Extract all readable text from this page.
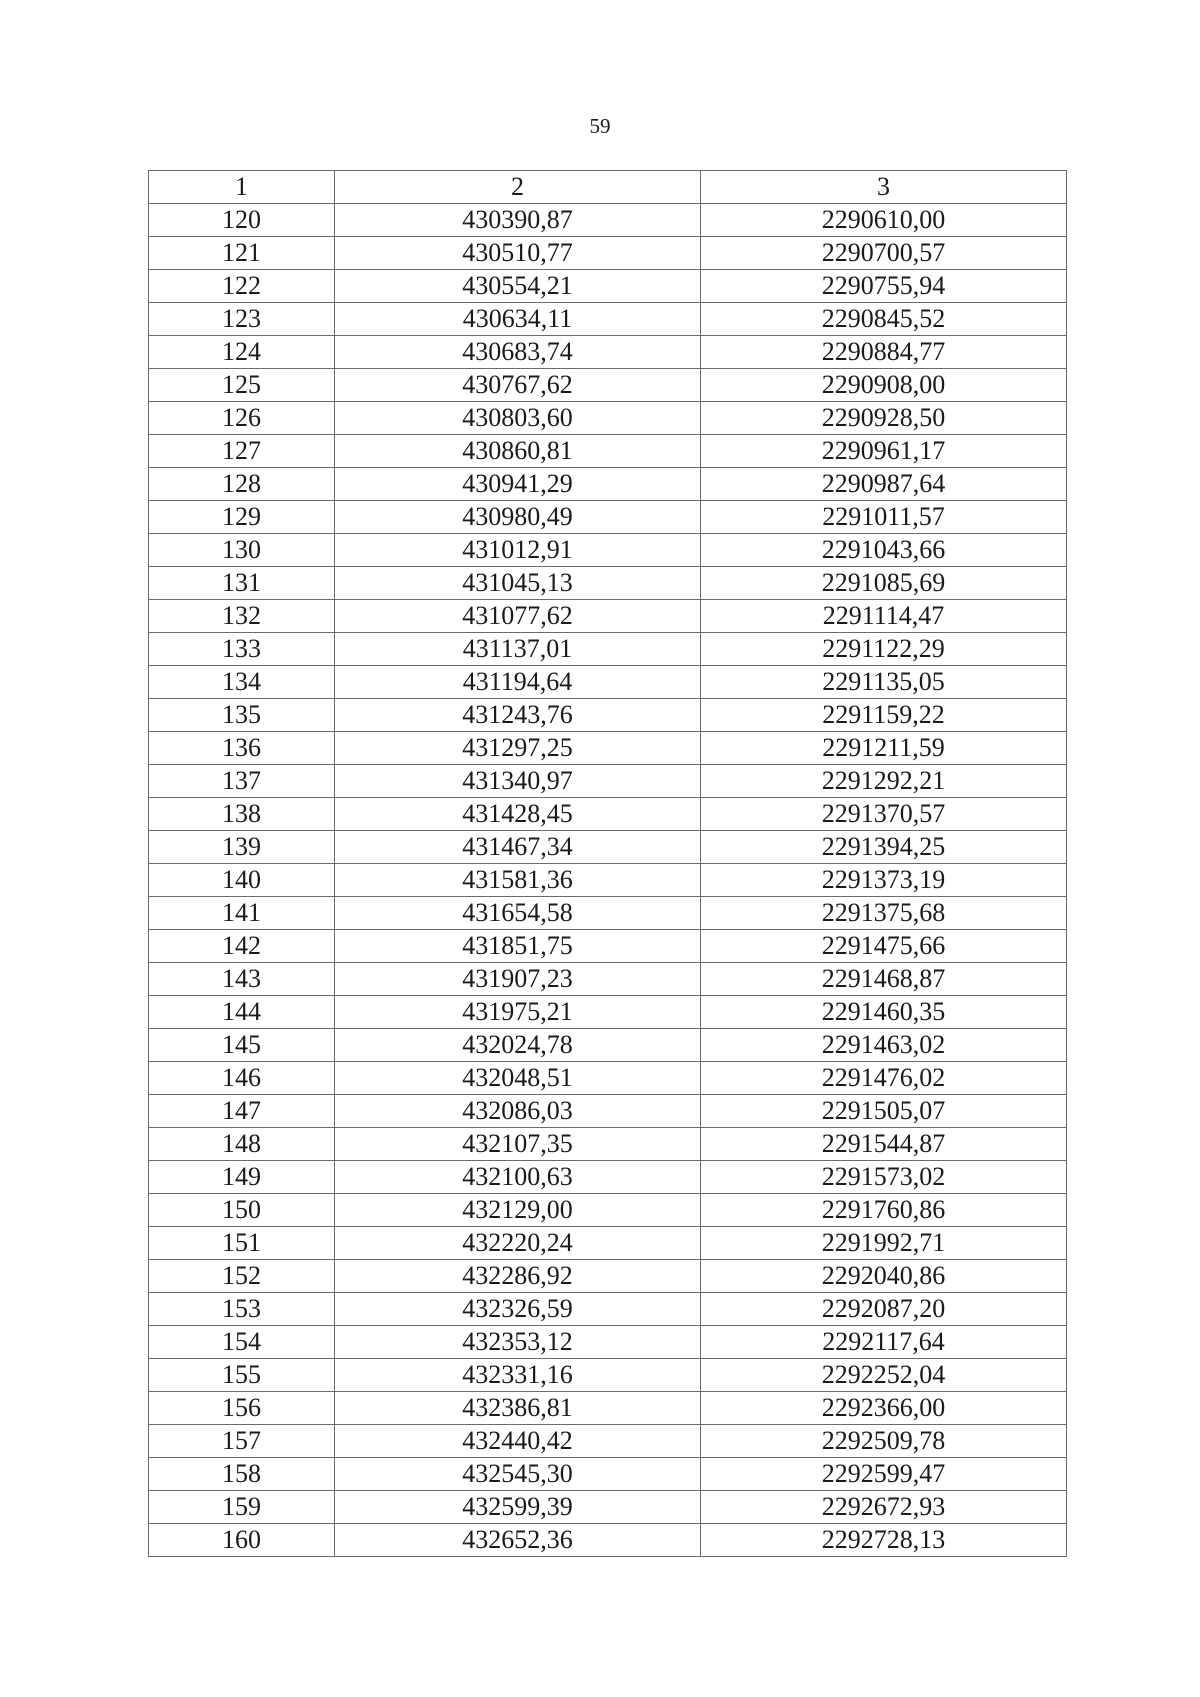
59
1	2	3
120	430390,87	2290610,00
121	430510,77	2290700,57
122	430554,21	2290755,94
123	430634,11	2290845,52
124	430683,74	2290884,77
125	430767,62	2290908,00
126	430803,60	2290928,50
127	430860,81	2290961,17
128	430941,29	2290987,64
129	430980,49	2291011,57
130	431012,91	2291043,66
131	431045,13	2291085,69
132	431077,62	2291114,47
133	431137,01	2291122,29
134	431194,64	2291135,05
135	431243,76	2291159,22
136	431297,25	2291211,59
137	431340,97	2291292,21
138	431428,45	2291370,57
139	431467,34	2291394,25
140	431581,36	2291373,19
141	431654,58	2291375,68
142	431851,75	2291475,66
143	431907,23	2291468,87
144	431975,21	2291460,35
145	432024,78	2291463,02
146	432048,51	2291476,02
147	432086,03	2291505,07
148	432107,35	2291544,87
149	432100,63	2291573,02
150	432129,00	2291760,86
151	432220,24	2291992,71
152	432286,92	2292040,86
153	432326,59	2292087,20
154	432353,12	2292117,64
155	432331,16	2292252,04
156	432386,81	2292366,00
157	432440,42	2292509,78
158	432545,30	2292599,47
159	432599,39	2292672,93
160	432652,36	2292728,13
